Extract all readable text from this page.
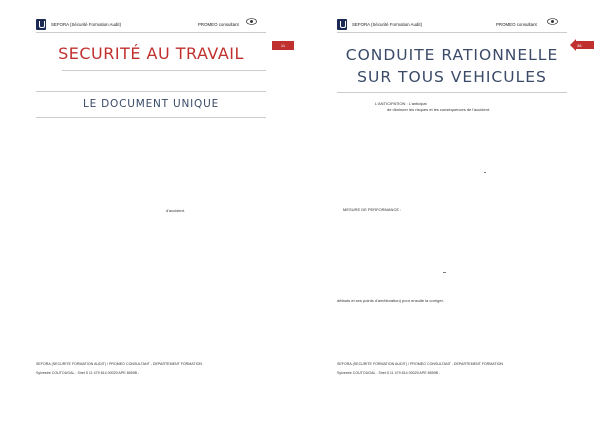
SEFORA (Sécurité Formation Audit)	PROMEO consultant
11
SECURITÉ AU TRAVAIL
LE DOCUMENT UNIQUE
d'accident.
SEFORA (SECURITE FORMATION AUDIT) / PROMEO CONSULTANT - DEPARTEMENT FORMATION
Sylvestre COUTOUGAL - Siret 5 11 479 814 00029 APE 8559B -
SEFORA (Sécurité Formation Audit)	PROMEO consultant
38
CONDUITE RATIONNELLE
SUR TOUS VEHICULES
L'ANTICIPATION : L'anticipat
de diminuer les risques et les conséquences de l'accident.
MESURE DE PERFORMANCE :
défauts et ses points d'amélioration) pour ensuite la corriger.
SEFORA (SECURITE FORMATION AUDIT) / PROMEO CONSULTANT - DEPARTEMENT FORMATION
Sylvestre COUTOUGAL - Siret 5 11 479 814 00029 APE 8559B -
